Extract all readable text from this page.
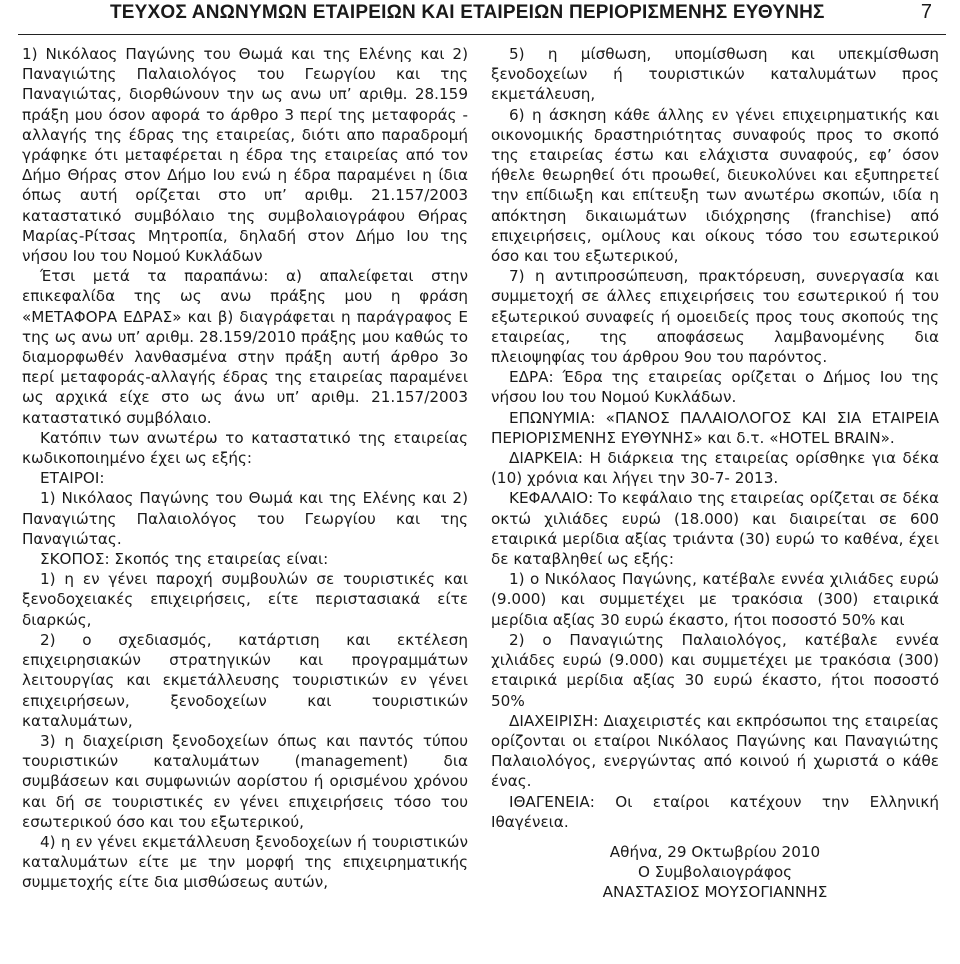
ΤΕΥΧΟΣ ΑΝΩΝΥΜΩΝ ΕΤΑΙΡΕΙΩΝ ΚΑΙ ΕΤΑΙΡΕΙΩΝ ΠΕΡΙΟΡΙΣΜΕΝΗΣ ΕΥΘΥΝΗΣ	7

1) Νικόλαος Παγώνης του Θωμά και της Ελένης και 2) Παναγιώτης Παλαιολόγος του Γεωργίου και της Παναγιώτας, διορθώνουν την ως ανω υπ’ αριθμ. 28.159 πράξη μου όσον αφορά το άρθρο 3 περί της μεταφοράς - αλλαγής της έδρας της εταιρείας, διότι απο παραδρομή γράφηκε ότι μεταφέρεται η έδρα της εταιρείας από τον Δήμο Θήρας στον Δήμο Ιου ενώ η έδρα παραμένει η ίδια όπως αυτή ορίζεται στο υπ’ αριθμ. 21.157/2003 καταστατικό συμβόλαιο της συμβολαιογράφου Θήρας Μαρίας-Ρίτσας Μητροπία, δηλαδή στον Δήμο Ιου της νήσου Ιου του Νομού Κυκλάδων

Έτσι μετά τα παραπάνω: α) απαλείφεται στην επικεφαλίδα της ως ανω πράξης μου η φράση «ΜΕΤΑΦΟΡΑ ΕΔΡΑΣ» και β) διαγράφεται η παράγραφος Ε της ως ανω υπ’ αριθμ. 28.159/2010 πράξης μου καθώς το διαμορφωθέν λανθασμένα στην πράξη αυτή άρθρο 3ο περί μεταφοράς-αλλαγής έδρας της εταιρείας παραμένει ως αρχικά είχε στο ως άνω υπ’ αριθμ. 21.157/2003 καταστατικό συμβόλαιο.

Κατόπιν των ανωτέρω το καταστατικό της εταιρείας κωδικοποιημένο έχει ως εξής:

ΕΤΑΙΡΟΙ:

1) Νικόλαος Παγώνης του Θωμά και της Ελένης και 2) Παναγιώτης Παλαιολόγος του Γεωργίου και της Παναγιώτας.

ΣΚΟΠΟΣ: Σκοπός της εταιρείας είναι:

1) η εν γένει παροχή συμβουλών σε τουριστικές και ξενοδοχειακές επιχειρήσεις, είτε περιστασιακά είτε διαρκώς,

2) ο σχεδιασμός, κατάρτιση και εκτέλεση επιχειρησιακών στρατηγικών και προγραμμάτων λειτουργίας και εκμετάλλευσης τουριστικών εν γένει επιχειρήσεων, ξενοδοχείων και τουριστικών καταλυμάτων,

3) η διαχείριση ξενοδοχείων όπως και παντός τύπου τουριστικών καταλυμάτων (management) δια συμβάσεων και συμφωνιών αορίστου ή ορισμένου χρόνου και δή σε τουριστικές εν γένει επιχειρήσεις τόσο του εσωτερικού όσο και του εξωτερικού,

4) η εν γένει εκμετάλλευση ξενοδοχείων ή τουριστικών καταλυμάτων είτε με την μορφή της επιχειρηματικής συμμετοχής είτε δια μισθώσεως αυτών,

5) η μίσθωση, υπομίσθωση και υπεκμίσθωση ξενοδοχείων ή τουριστικών καταλυμάτων προς εκμετάλευση,

6) η άσκηση κάθε άλλης εν γένει επιχειρηματικής και οικονομικής δραστηριότητας συναφούς προς το σκοπό της εταιρείας έστω και ελάχιστα συναφούς, εφ’ όσον ήθελε θεωρηθεί ότι προωθεί, διευκολύνει και εξυπηρετεί την επίδιωξη και επίτευξη των ανωτέρω σκοπών, ιδία η απόκτηση δικαιωμάτων ιδιόχρησης (franchise) από επιχειρήσεις, ομίλους και οίκους τόσο του εσωτερικού όσο και του εξωτερικού,

7) η αντιπροσώπευση, πρακτόρευση, συνεργασία και συμμετοχή σε άλλες επιχειρήσεις του εσωτερικού ή του εξωτερικού συναφείς ή ομοειδείς προς τους σκοπούς της εταιρείας, της αποφάσεως λαμβανομένης δια πλειοψηφίας του άρθρου 9ου του παρόντος.

ΕΔΡΑ: Έδρα της εταιρείας ορίζεται ο Δήμος Ιου της νήσου Ιου του Νομού Κυκλάδων.

ΕΠΩΝΥΜΙΑ: «ΠΑΝΟΣ ΠΑΛΑΙΟΛΟΓΟΣ ΚΑΙ ΣΙΑ ΕΤΑΙΡΕΙΑ ΠΕΡΙΟΡΙΣΜΕΝΗΣ ΕΥΘΥΝΗΣ» και δ.τ. «HOTEL BRAIN».

ΔΙΑΡΚΕΙΑ: Η διάρκεια της εταιρείας ορίσθηκε για δέκα (10) χρόνια και λήγει την 30-7- 2013.

ΚΕΦΑΛΑΙΟ: Το κεφάλαιο της εταιρείας ορίζεται σε δέκα οκτώ χιλιάδες ευρώ (18.000) και διαιρείται σε 600 εταιρικά μερίδια αξίας τριάντα (30) ευρώ το καθένα, έχει δε καταβληθεί ως εξής:

1) ο Νικόλαος Παγώνης, κατέβαλε εννέα χιλιάδες ευρώ (9.000) και συμμετέχει με τρακόσια (300) εταιρικά μερίδια αξίας 30 ευρώ έκαστο, ήτοι ποσοστό 50% και

2) ο Παναγιώτης Παλαιολόγος, κατέβαλε εννέα χιλιάδες ευρώ (9.000) και συμμετέχει με τρακόσια (300) εταιρικά μερίδια αξίας 30 ευρώ έκαστο, ήτοι ποσοστό 50%

ΔΙΑΧΕΙΡΙΣΗ: Διαχειριστές και εκπρόσωποι της εταιρείας ορίζονται οι εταίροι Νικόλαος Παγώνης και Παναγιώτης Παλαιολόγος, ενεργώντας από κοινού ή χωριστά ο κάθε ένας.

ΙΘΑΓΕΝΕΙΑ: Οι εταίροι κατέχουν την Ελληνική Ιθαγένεια.

Αθήνα, 29 Οκτωβρίου 2010

Ο Συμβολαιογράφος

ΑΝΑΣΤΑΣΙΟΣ ΜΟΥΣΟΓΙΑΝΝΗΣ
